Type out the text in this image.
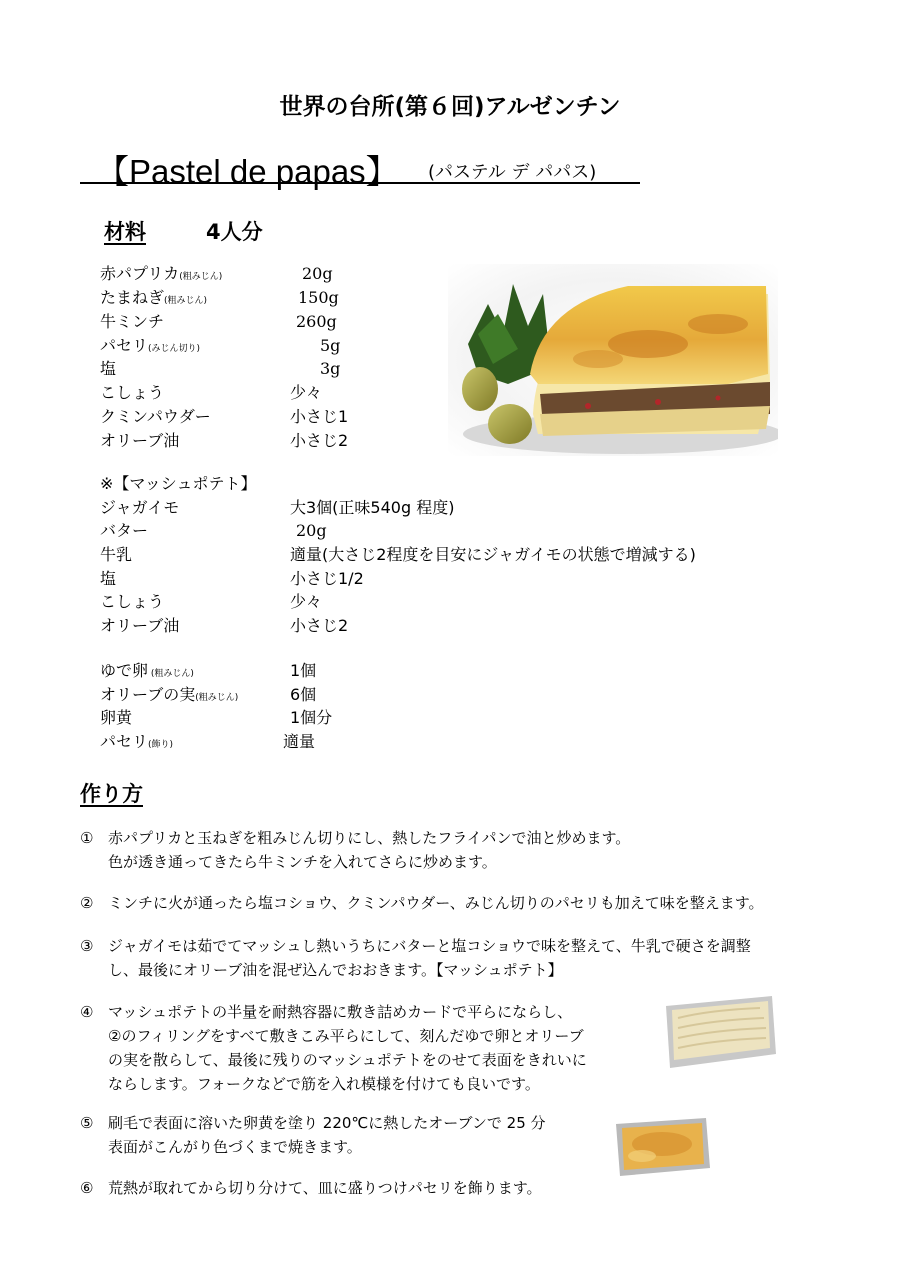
世界の台所(第６回)アルゼンチン
【Pastel de papas】 (パステル デ パパス)
材料	4人分
赤パプリカ(粗みじん)	20g
たまねぎ(粗みじん)	150g
牛ミンチ	260g
パセリ(みじん切り)	5g
塩	3g
こしょう	少々
クミンパウダー	小さじ1
オリーブ油	小さじ2
※【マッシュポテト】
ジャガイモ	大3個(正味540g 程度)
バター	20g
牛乳	適量(大さじ2程度を目安にジャガイモの状態で増減する)
塩	小さじ1/2
こしょう	少々
オリーブ油	小さじ2
ゆで卵 (粗みじん)	1個
オリーブの実(粗みじん)	6個
卵黄	1個分
パセリ(飾り)	適量
作り方
① 赤パプリカと玉ねぎを粗みじん切りにし、熱したフライパンで油と炒めます。
色が透き通ってきたら牛ミンチを入れてさらに炒めます。
② ミンチに火が通ったら塩コショウ、クミンパウダー、みじん切りのパセリも加えて味を整えます。
③ ジャガイモは茹でてマッシュし熱いうちにバターと塩コショウで味を整えて、牛乳で硬さを調整
し、最後にオリーブ油を混ぜ込んでおおきます。【マッシュポテト】
④ マッシュポテトの半量を耐熱容器に敷き詰めカードで平らにならし、
②のフィリングをすべて敷きこみ平らにして、刻んだゆで卵とオリーブ
の実を散らして、最後に残りのマッシュポテトをのせて表面をきれいに
ならします。フォークなどで筋を入れ模様を付けても良いです。
⑤ 刷毛で表面に溶いた卵黄を塗り 220℃に熱したオーブンで 25 分
表面がこんがり色づくまで焼きます。
⑥ 荒熱が取れてから切り分けて、皿に盛りつけパセリを飾ります。
